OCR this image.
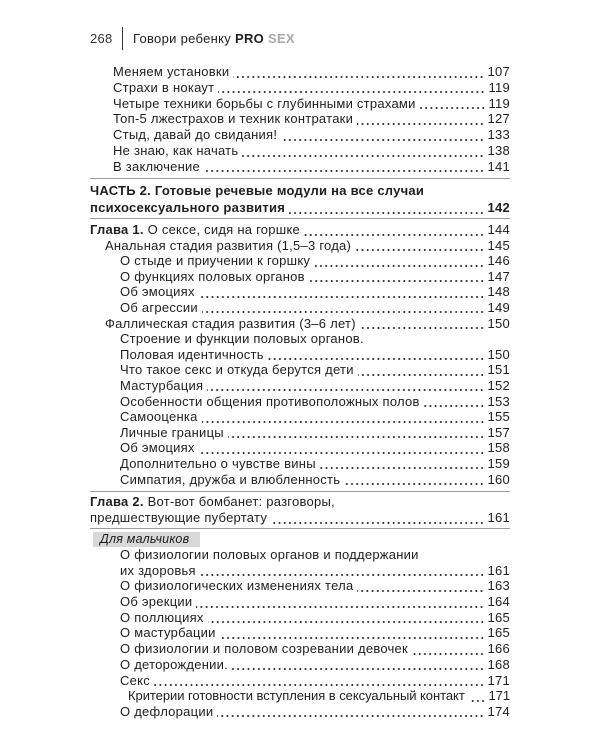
268 Говори ребенку PRO SEX
Меняем установки	107
Страхи в нокаут	119
Четыре техники борьбы с глубинными страхами	119
Топ-5 лжестрахов и техник контратаки	127
Стыд, давай до свидания!	133
Не знаю, как начать	138
В заключение	141
ЧАСТЬ 2. Готовые речевые модули на все случаи
психосексуального развития	142
Глава 1. О сексе, сидя на горшке	144
Анальная стадия развития (1,5–3 года)	145
О стыде и приучении к горшку	146
О функциях половых органов	147
Об эмоциях	148
Об агрессии	149
Фаллическая стадия развития (3–6 лет)	150
Строение и функции половых органов.
Половая идентичность	150
Что такое секс и откуда берутся дети	151
Мастурбация	152
Особенности общения противоположных полов	153
Самооценка	155
Личные границы	157
Об эмоциях	158
Дополнительно о чувстве вины	159
Симпатия, дружба и влюбленность	160
Глава 2. Вот-вот бомбанет: разговоры,
предшествующие пубертату	161
Для мальчиков
О физиологии половых органов и поддержании
их здоровья	161
О физиологических изменениях тела	163
Об эрекции	164
О поллюциях	165
О мастурбации	165
О физиологии и половом созревании девочек	166
О деторождении.	168
Секс	171
Критерии готовности вступления в сексуальный контакт 171
О дефлорации	174
